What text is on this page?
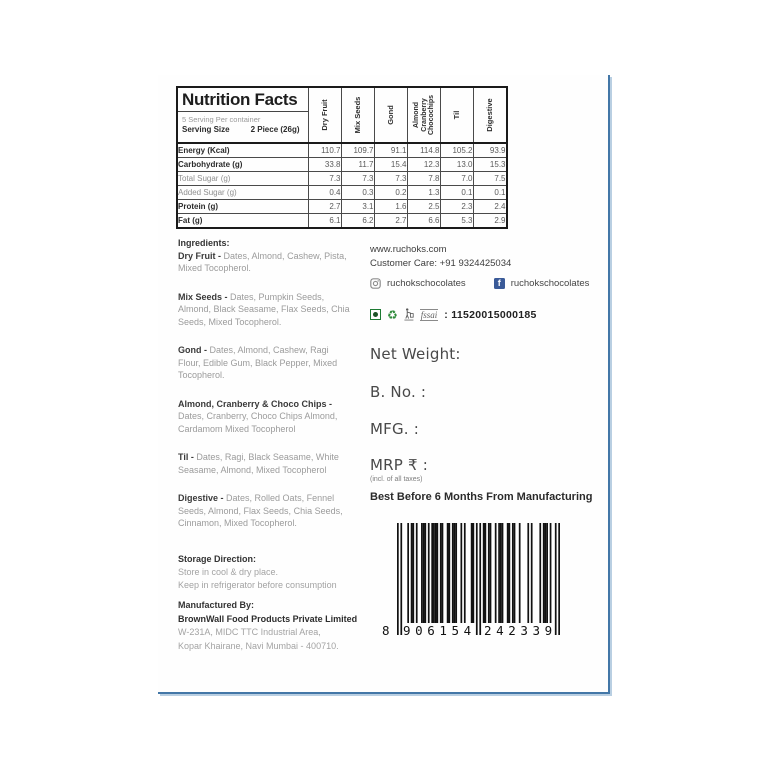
Nutrition Facts
5 Serving Per container
Serving Size 2 Piece (26g)	Dry Fruit	Mix Seeds	Gond	Almond Cranberry Chocochips	Til	Digestive

Energy (Kcal)	110.7	109.7	91.1	114.8	105.2	93.9
Carbohydrate (g)	33.8	11.7	15.4	12.3	13.0	15.3
Total Sugar (g)	7.3	7.3	7.3	7.8	7.0	7.5
Added Sugar (g)	0.4	0.3	0.2	1.3	0.1	0.1
Protein (g)	2.7	3.1	1.6	2.5	2.3	2.4
Fat (g)	6.1	6.2	2.7	6.6	5.3	2.9

Ingredients:

Dry Fruit - Dates, Almond, Cashew, Pista, Mixed Tocopherol.

Mix Seeds - Dates, Pumpkin Seeds, Almond, Black Seasame, Flax Seeds, Chia Seeds, Mixed Tocopherol.

Gond - Dates, Almond, Cashew, Ragi Flour, Edible Gum, Black Pepper, Mixed Tocopherol.

Almond, Cranberry & Choco Chips - Dates, Cranberry, Choco Chips Almond, Cardamom Mixed Tocopherol

Til - Dates, Ragi, Black Seasame, White Seasame, Almond, Mixed Tocopherol

Digestive - Dates, Rolled Oats, Fennel Seeds, Almond, Flax Seeds, Chia Seeds, Cinnamon, Mixed Tocopherol.

Storage Direction:
Store in cool & dry place.
Keep in refrigerator before consumption
Manufactured By:
BrownWall Food Products Private Limited
W-231A, MIDC TTC Industrial Area,
Kopar Khairane, Navi Mumbai - 400710.
www.ruchoks.com
Customer Care: +91 9324425034
ruchokschocolates	f	ruchokschocolates
♻	fssai : 11520015000185
Net Weight:
B. No. :
MFG. :
MRP ₹ :
(incl. of all taxes)
Best Before 6 Months From Manufacturing
8 906154 242339
